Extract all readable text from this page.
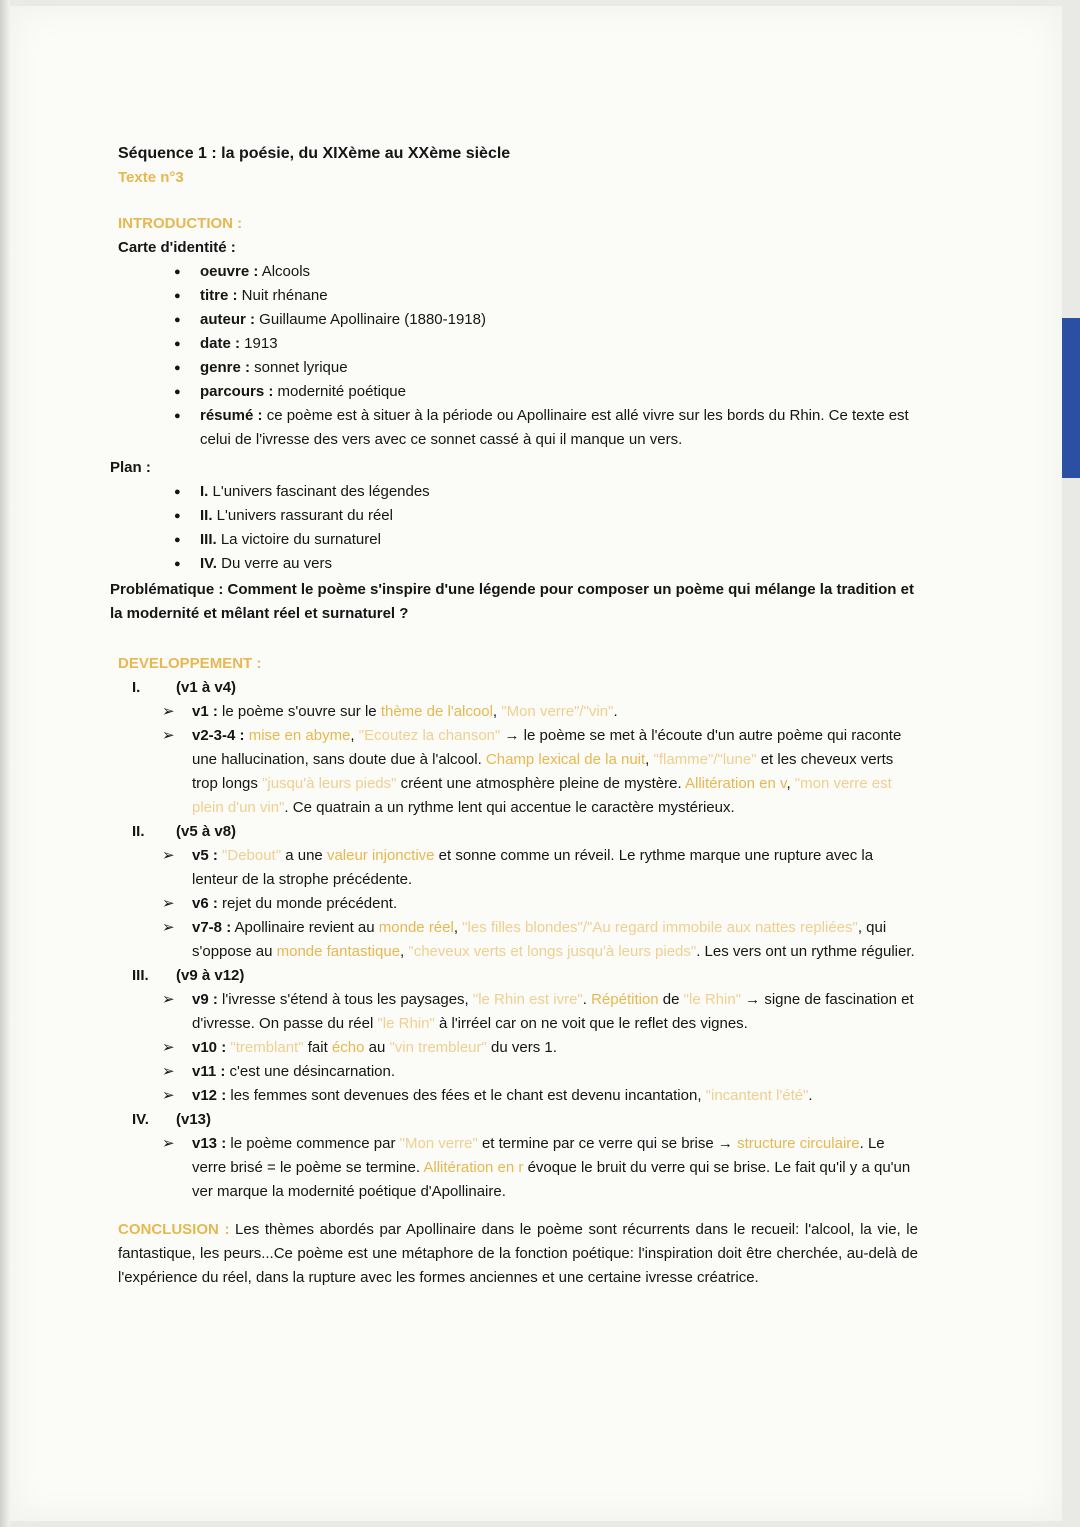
Séquence 1 : la poésie, du XIXème au XXème siècle
Texte n°3
INTRODUCTION :
Carte d'identité :
● oeuvre : Alcools
● titre : Nuit rhénane
● auteur : Guillaume Apollinaire (1880-1918)
● date : 1913
● genre : sonnet lyrique
● parcours : modernité poétique
● résumé : ce poème est à situer à la période ou Apollinaire est allé vivre sur les bords du Rhin. Ce texte est celui de l'ivresse des vers avec ce sonnet cassé à qui il manque un vers.
Plan :
● I. L'univers fascinant des légendes
● II. L'univers rassurant du réel
● III. La victoire du surnaturel
● IV. Du verre au vers
Problématique : Comment le poème s'inspire d'une légende pour composer un poème qui mélange la tradition et la modernité et mêlant réel et surnaturel ?
DEVELOPPEMENT :
I.	(v1 à v4)
➢ v1 : le poème s'ouvre sur le thème de l'alcool, "Mon verre"/"vin".
➢ v2-3-4 : mise en abyme, "Ecoutez la chanson" → le poème se met à l'écoute d'un autre poème qui raconte une hallucination, sans doute due à l'alcool. Champ lexical de la nuit, "flamme"/"lune" et les cheveux verts trop longs "jusqu'à leurs pieds" créent une atmosphère pleine de mystère. Allitération en v, "mon verre est plein d'un vin". Ce quatrain a un rythme lent qui accentue le caractère mystérieux.
II.	(v5 à v8)
➢ v5 : "Debout" a une valeur injonctive et sonne comme un réveil. Le rythme marque une rupture avec la lenteur de la strophe précédente.
➢ v6 : rejet du monde précédent.
➢ v7-8 : Apollinaire revient au monde réel, "les filles blondes"/"Au regard immobile aux nattes repliées", qui s'oppose au monde fantastique, "cheveux verts et longs jusqu'à leurs pieds". Les vers ont un rythme régulier.
III.	(v9 à v12)
➢ v9 : l'ivresse s'étend à tous les paysages, "le Rhin est ivre". Répétition de "le Rhin" → signe de fascination et d'ivresse. On passe du réel "le Rhin" à l'irréel car on ne voit que le reflet des vignes.
➢ v10 : "tremblant" fait écho au "vin trembleur" du vers 1.
➢ v11 : c'est une désincarnation.
➢ v12 : les femmes sont devenues des fées et le chant est devenu incantation, "incantent l'été".
IV.	(v13)
➢ v13 : le poème commence par "Mon verre" et termine par ce verre qui se brise → structure circulaire. Le verre brisé = le poème se termine. Allitération en r évoque le bruit du verre qui se brise. Le fait qu'il y a qu'un ver marque la modernité poétique d'Apollinaire.
CONCLUSION : Les thèmes abordés par Apollinaire dans le poème sont récurrents dans le recueil: l'alcool, la vie, le fantastique, les peurs...Ce poème est une métaphore de la fonction poétique: l'inspiration doit être cherchée, au-delà de l'expérience du réel, dans la rupture avec les formes anciennes et une certaine ivresse créatrice.
